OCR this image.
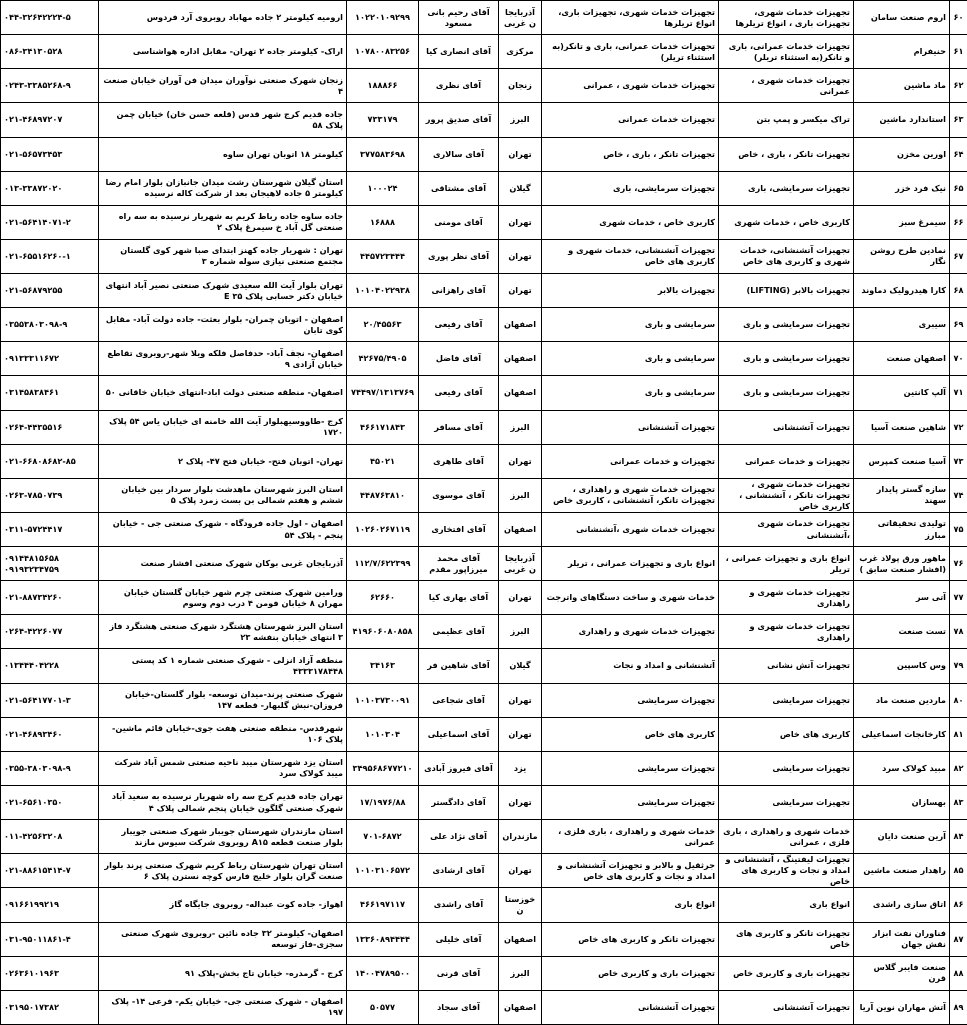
۶۰	اروم صنعت سامان	تجهیزات خدمات شهری، تجهیزات باری ، انواع تریلرها	تجهیزات خدمات شهری، تجهیزات باری، انواع تریلرها	آذربایجان غربی	آقای رحیم بانی مسعود	۱۰۲۲۰۱۰۹۲۹۹	ارومیه کیلومتر ۲ جاده مهاباد روبروی آرد فردوس	۰۴۴-۳۲۶۴۲۲۲۴-۵
۶۱	حنیفرام	تجهیزات خدمات عمرانی، باری و تانکر(به استثناء تریلر)	تجهیزات خدمات عمرانی، باری و تانکر(به استثناء تریلر)	مرکزی	آقای انصاری کیا	۱۰۷۸۰۰۸۳۲۵۶	اراک- کیلومتر جاده ۲ تهران- مقابل اداره هواشناسی	۰۸۶-۳۴۱۳۰۵۲۸
۶۲	ماد ماشین	تجهیزات خدمات شهری ، عمرانی	تجهیزات خدمات شهری ، عمرانی	زنجان	آقای نظری	۱۸۸۸۶۶	زنجان شهرک صنعتی نوآوران میدان فن آوران خیابان صنعت ۴	۰۲۴۳-۳۳۸۵۲۶۸-۹
۶۳	استاندارد ماشین	تراک میکسر و پمپ بتن	تجهیزات خدمات عمرانی	البرز	آقای صدیق پرور	۷۳۳۱۷۹	جاده قدیم کرج شهر قدس (قلعه حسن خان) خیابان چمن پلاک ۵۸	۰۲۱-۴۶۸۹۷۲۰۷
۶۴	اورین مخزن	تجهیزات تانکر ، باری ، خاص	تجهیزات تانکر ، باری ، خاص	تهران	آقای سالاری	۳۷۷۵۸۳۶۹۸	کیلومتر ۱۸ اتوبان تهران ساوه	۰۲۱-۵۶۵۷۳۴۵۳
۶۵	نیک فرد خزر	تجهیزات سرمایشی، باری	تجهیزات سرمایشی، باری	گیلان	آقای مشتاقی	۱۰۰۰۲۴	استان گیلان شهرستان رشت میدان جانبازان بلوار امام رضا کیلومتر ۵ جاده لاهیجان بعد از شرکت کاله نرسیده	۰۱۳-۳۳۸۷۲۰۲۰
۶۶	سیمرغ سبز	کاربری خاص ، خدمات شهری	کاربری خاص ، خدمات شهری	تهران	آقای مومنی	۱۶۸۸۸	جاده ساوه جاده رباط کریم به شهریار نرسیده به سه راه صنعتی گل آباد خ سیمرغ پلاک ۲	۰۲۱-۵۶۴۱۴۰۷۱-۲
۶۷	نمادین طرح روشن نگار	تجهیزات آتشنشانی، خدمات شهری و کاربری های خاص	تجهیزات آتشنشانی، خدمات شهری و کاربری های خاص	تهران	آقای نظر پوری	۴۴۵۷۲۳۴۴۴	تهران : شهریار جاده کهنز ابتدای صبا شهر کوی گلستان مجتمع صنعتی نیازی سوله شماره ۳	۰۲۱-۶۵۵۱۶۲۶۰-۱
۶۸	کارا هیدرولیک دماوند	تجهیزات بالابر (LIFTING)	تجهیزات بالابر	تهران	آقای راهزانی	۱۰۱۰۴۰۲۲۹۳۸	تهران بلوار آیت الله سعیدی شهرک صنعتی نصیر آباد انتهای خیابان دکتر حسابی پلاک E ۳۵	۰۲۱-۵۶۸۷۹۲۵۵
۶۹	سیبری	تجهیزات سرمایشی و باری	سرمایشی و باری	اصفهان	آقای رفیعی	۲۰/۴۵۵۶۳	اصفهان - اتوبان چمران- بلوار بعثت- جاده دولت آباد- مقابل کوی تابان	۰۳۵۵۳۸۰۳۰۹۸-۹
۷۰	اصفهان صنعت	تجهیزات سرمایشی و باری	سرمایشی و باری	اصفهان	آقای فاضل	۴۲۶۷۵/۴۹۰۵	اصفهان- نجف آباد- حدفاصل فلکه ویلا شهر-روبروی تقاطع خیابان آزادی ۹	۰۹۱۳۳۳۱۱۶۷۲
۷۱	آلپ کانتین	تجهیزات سرمایشی و باری	سرمایشی و باری	اصفهان	آقای رفیعی	۷۴۴۹۷/۱۳۱۳۷۶۹	اصفهان- منطقه صنعتی دولت اباد-انتهای خیابان خاقانی ۵۰	۰۳۱۴۵۸۳۸۴۶۱
۷۲	شاهین صنعت آسیا	تجهیزات آتشنشانی	تجهیزات آتشنشانی	البرز	آقای مسافر	۴۶۶۱۷۱۸۴۳	کرج -طاووسیهبلوار آیت الله خامنه ای خیابان یاس ۵۴ پلاک ۱۷۲۰	۰۲۶۴-۴۴۳۵۵۱۶
۷۳	آسیا صنعت کمپرس	تجهیزات و خدمات عمرانی	تجهیزات و خدمات عمرانی	تهران	آقای طاهری	۴۵۰۲۱	تهران- اتوبان فتح- خیابان فتح ۴۷- پلاک ۲	۰۲۱-۶۶۸۰۸۶۸۲-۸۵
۷۴	سازه گستر پایدار سهند	تجهیزات خدمات شهری ، تجهیزات تانکر ، آتشنشانی ، کاربری خاص	تجهیزات خدمات شهری و راهداری ، تجهیزات تانکر، آتشنشانی ، کاربری خاص	البرز	آقای موسوی	۴۴۸۷۶۳۸۱۰	استان البرز شهرستان ماهدشت بلوار سردار بین خیابان ششم و هفتم شمالی بن بست زمرد پلاک ۵	۰۲۶۳-۷۸۵۰۷۳۹
۷۵	تولیدی تحقیقاتی مبارز	تجهیزات خدمات شهری ،آتشنشانی	تجهیزات خدمات شهری ،آتشنشانی	اصفهان	آقای افتخاری	۱۰۲۶۰۲۶۷۱۱۹	اصفهان - اول جاده فرودگاه - شهرک صنعتی جی - خیابان پنجم - پلاک ۵۴	۰۳۱۱-۵۷۲۴۴۱۷
۷۶	ماهور ورق پولاد غرب (افشار صنعت سابق )	انواع باری و تجهیزات عمرانی ، تریلر	انواع باری و تجهیزات عمرانی ، تریلر	آذربایجان غربی	آقای محمد میرزاپور مقدم	۱۱۲/۷/۶۲۲۳۹۹	آذربایجان غربی بوکان شهرک صنعتی افشار صنعت	۰۹۱۴۴۸۱۵۶۵۸ ۰۹۱۹۳۲۳۴۷۵۹
۷۷	آتی سر	تجهیزات خدمات شهری و راهداری	خدمات شهری و ساخت دستگاهای واترجت	تهران	آقای بهاری کیا	۶۲۶۶۰	ورامین شهرک صنعتی چرم شهر خیابان گلستان خیابان مهران ۸ خیابان فومن ۴ درب دوم وسوم	۰۲۱-۸۸۷۳۴۲۶۰
۷۸	تست صنعت	تجهیزات خدمات شهری و راهداری	تجهیزات خدمات شهری و راهداری	البرز	آقای عظیمی	۴۱۹۶۰۶۰۸۰۸۵۸	استان البرز شهرستان هشتگرد شهرک صنعتی هشتگرد فاز ۳ انتهای خیابان بنفشه ۲۳	۰۲۶۴-۴۲۲۶۰۷۷
۷۹	وس کاسپین	تجهیزات آتش نشانی	آتشنشانی و امداد و نجات	گیلان	آقای شاهین فر	۳۴۱۶۳	منطقه آزاد انزلی - شهرک صنعتی شماره ۱ کد پستی ۴۳۳۳۱۷۸۴۴۸	۰۱۳۴۴۴۰۴۲۲۸
۸۰	ماردین صنعت ماد	تجهیزات سرمایشی	تجهیزات سرمایشی	تهران	آقای شجاعی	۱۰۱۰۳۷۳۰۰۹۱	شهرک صنعتی پرند-میدان توسعه- بلوار گلستان-خیابان فروزان-نبش گلبهار- قطعه ۱۴۷	۰۲۱-۵۶۴۱۷۷۰۱-۳
۸۱	کارخانجات اسماعیلی	کاربری های خاص	کاربری های خاص	تهران	آقای اسماعیلی	۱۰۱۰۳۰۴	شهرقدس- منطقه صنعتی هفت جوی-خیابان قائم ماشین-پلاک ۱۰۶	۰۲۱-۴۶۸۹۳۴۶۰
۸۲	مبید کولاک سرد	تجهیزات سرمایشی	تجهیزات سرمایشی	یزد	آقای فیروز آبادی	۳۴۹۵۶۸۶۷۷۲۱۰	استان یزد شهرستان میبد ناحیه صنعتی شمس آباد شرکت میبد کولاک سرد	۰۳۵۵-۳۸۰۳۰۹۸-۹
۸۳	بهسازان	تجهیزات سرمایشی	تجهیزات سرمایشی	تهران	آقای دادگستر	۱۷/۱۹۷۶/۸۸	تهران جاده قدیم کرج سه راه شهریار نرسیده به سعید آباد شهرک صنعتی گلگون خیابان پنجم شمالی پلاک ۴	۰۲۱-۶۵۶۱۰۳۵۰
۸۴	آرین صنعت دایان	خدمات شهری و راهداری ، باری فلزی ، عمرانی	خدمات شهری و راهداری ، باری فلزی ، عمرانی	مازندران	آقای نژاد علی	۷۰۱-۶۸۷۲	استان مازندران شهرستان جویبار شهرک صنعتی جویبار بلوار صنعت قطعه A۱۵ روبروی شرکت سیوس مازند	۰۱۱-۴۲۵۶۳۲۰۸
۸۵	راهدار صنعت ماشین	تجهیزات لیفتینگ ، آتشنشانی و امداد و نجات و کاربری های خاص	جرثقیل و بالابر و تجهیزات آتشنشانی و امداد و نجات و کاربری های خاص	تهران	آقای ارشادی	۱۰۱۰۳۱۰۶۵۷۲	استان تهران شهرستان رباط کریم شهرک صنعتی پرند بلوار صنعت گران بلوار خلیج فارس کوچه نسترن پلاک ۶	۰۲۱-۸۸۶۱۵۴۱۴-۷
۸۶	اتاق سازی راشدی	انواع باری	انواع باری	خوزستان	آقای راشدی	۴۶۶۱۹۷۱۱۷	اهواز- جاده کوت عبداله- روبروی جایگاه گاز	۰۹۱۶۶۱۹۹۲۱۹
۸۷	فناوران نفت ابزار نقش جهان	تجهیزات تانکر و کاربری های خاص	تجهیزات تانکر و کاربری های خاص	اصفهان	آقای خلیلی	۱۳۳۶۰۸۹۴۴۴۴	اصفهان- کیلومتر ۳۲ جاده نائین -روبروی شهرک صنعتی سجزی-فاز توسعه	۰۳۱-۹۵۰۱۱۸۶۱-۴
۸۸	صنعت فایبر گلاس قرن	تجهیزات باری و کاربری خاص	تجهیزات باری و کاربری خاص	البرز	آقای قرنی	۱۴۰۰۴۷۸۹۵۰۰	کرج - گرمدره- خیابان تاج بخش-پلاک ۹۱	۰۲۶۳۶۱۰۱۹۶۳
۸۹	آتش مهاران نوین آریا	تجهیزات آتشنشانی	تجهیزات آتشنشانی	اصفهان	آقای سجاد	۵۰۵۷۷	اصفهان - شهرک صنعتی جی- خیابان یکم- فرعی ۱۴- پلاک ۱۹۷	۰۳۱۹۵۰۱۷۳۸۲
